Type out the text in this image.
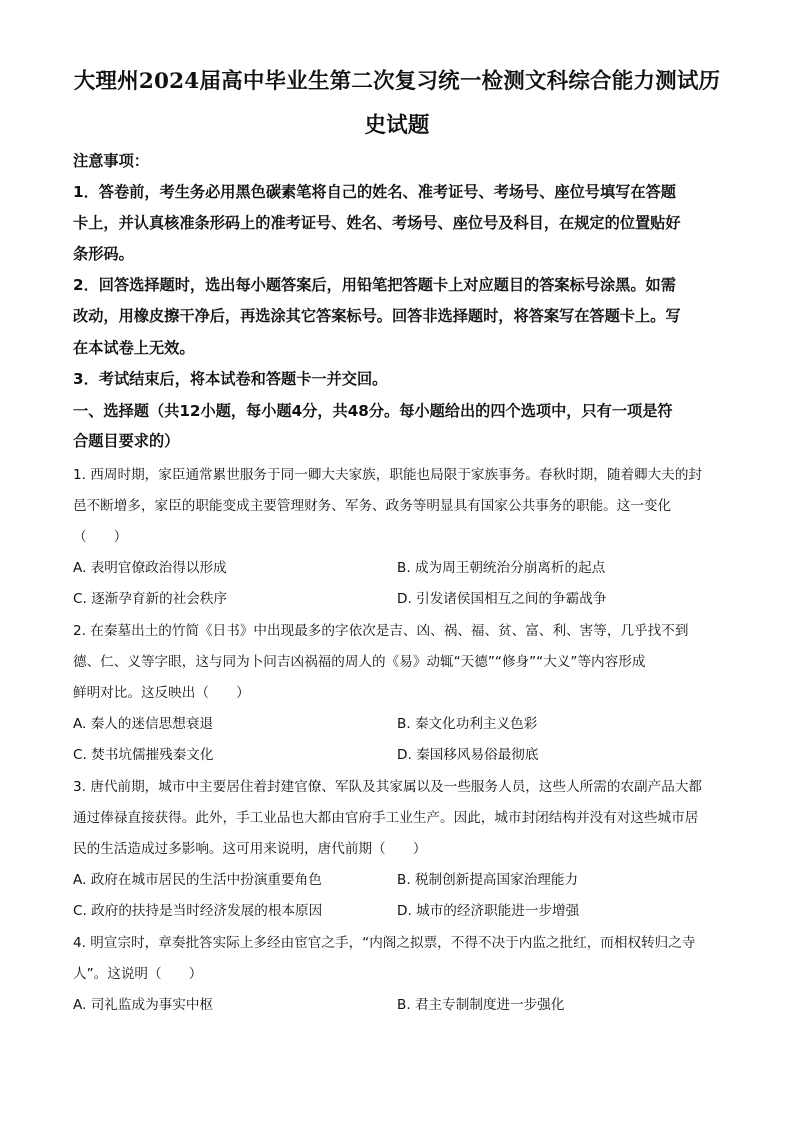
大理州2024届高中毕业生第二次复习统一检测文科综合能力测试历
史试题
注意事项：
1．答卷前，考生务必用黑色碳素笔将自己的姓名、准考证号、考场号、座位号填写在答题
卡上，并认真核准条形码上的准考证号、姓名、考场号、座位号及科目，在规定的位置贴好
条形码。
2．回答选择题时，选出每小题答案后，用铅笔把答题卡上对应题目的答案标号涂黑。如需
改动，用橡皮擦干净后，再选涂其它答案标号。回答非选择题时，将答案写在答题卡上。写
在本试卷上无效。
3．考试结束后，将本试卷和答题卡一并交回。
一、选择题（共12小题，每小题4分，共48分。每小题给出的四个选项中，只有一项是符
合题目要求的）
1. 西周时期，家臣通常累世服务于同一卿大夫家族，职能也局限于家族事务。春秋时期，随着卿大夫的封
邑不断增多，家臣的职能变成主要管理财务、军务、政务等明显具有国家公共事务的职能。这一变化
（　　）
A. 表明官僚政治得以形成	B. 成为周王朝统治分崩离析的起点
C. 逐渐孕育新的社会秩序	D. 引发诸侯国相互之间的争霸战争
2. 在秦墓出土的竹简《日书》中出现最多的字依次是吉、凶、祸、福、贫、富、利、害等，几乎找不到
德、仁、义等字眼，这与同为卜问吉凶祸福的周人的《易》动辄“天德”“修身”“大义”等内容形成
鲜明对比。这反映出（　　）
A. 秦人的迷信思想衰退	B. 秦文化功利主义色彩
C. 焚书坑儒摧残秦文化	D. 秦国移风易俗最彻底
3. 唐代前期，城市中主要居住着封建官僚、军队及其家属以及一些服务人员，这些人所需的农副产品大都
通过俸禄直接获得。此外，手工业品也大都由官府手工业生产。因此，城市封闭结构并没有对这些城市居
民的生活造成过多影响。这可用来说明，唐代前期（　　）
A. 政府在城市居民的生活中扮演重要角色	B. 税制创新提高国家治理能力
C. 政府的扶持是当时经济发展的根本原因	D. 城市的经济职能进一步增强
4. 明宣宗时，章奏批答实际上多经由宦官之手，“内阁之拟票，不得不决于内监之批红，而相权转归之寺
人”。这说明（　　）
A. 司礼监成为事实中枢	B. 君主专制制度进一步强化
